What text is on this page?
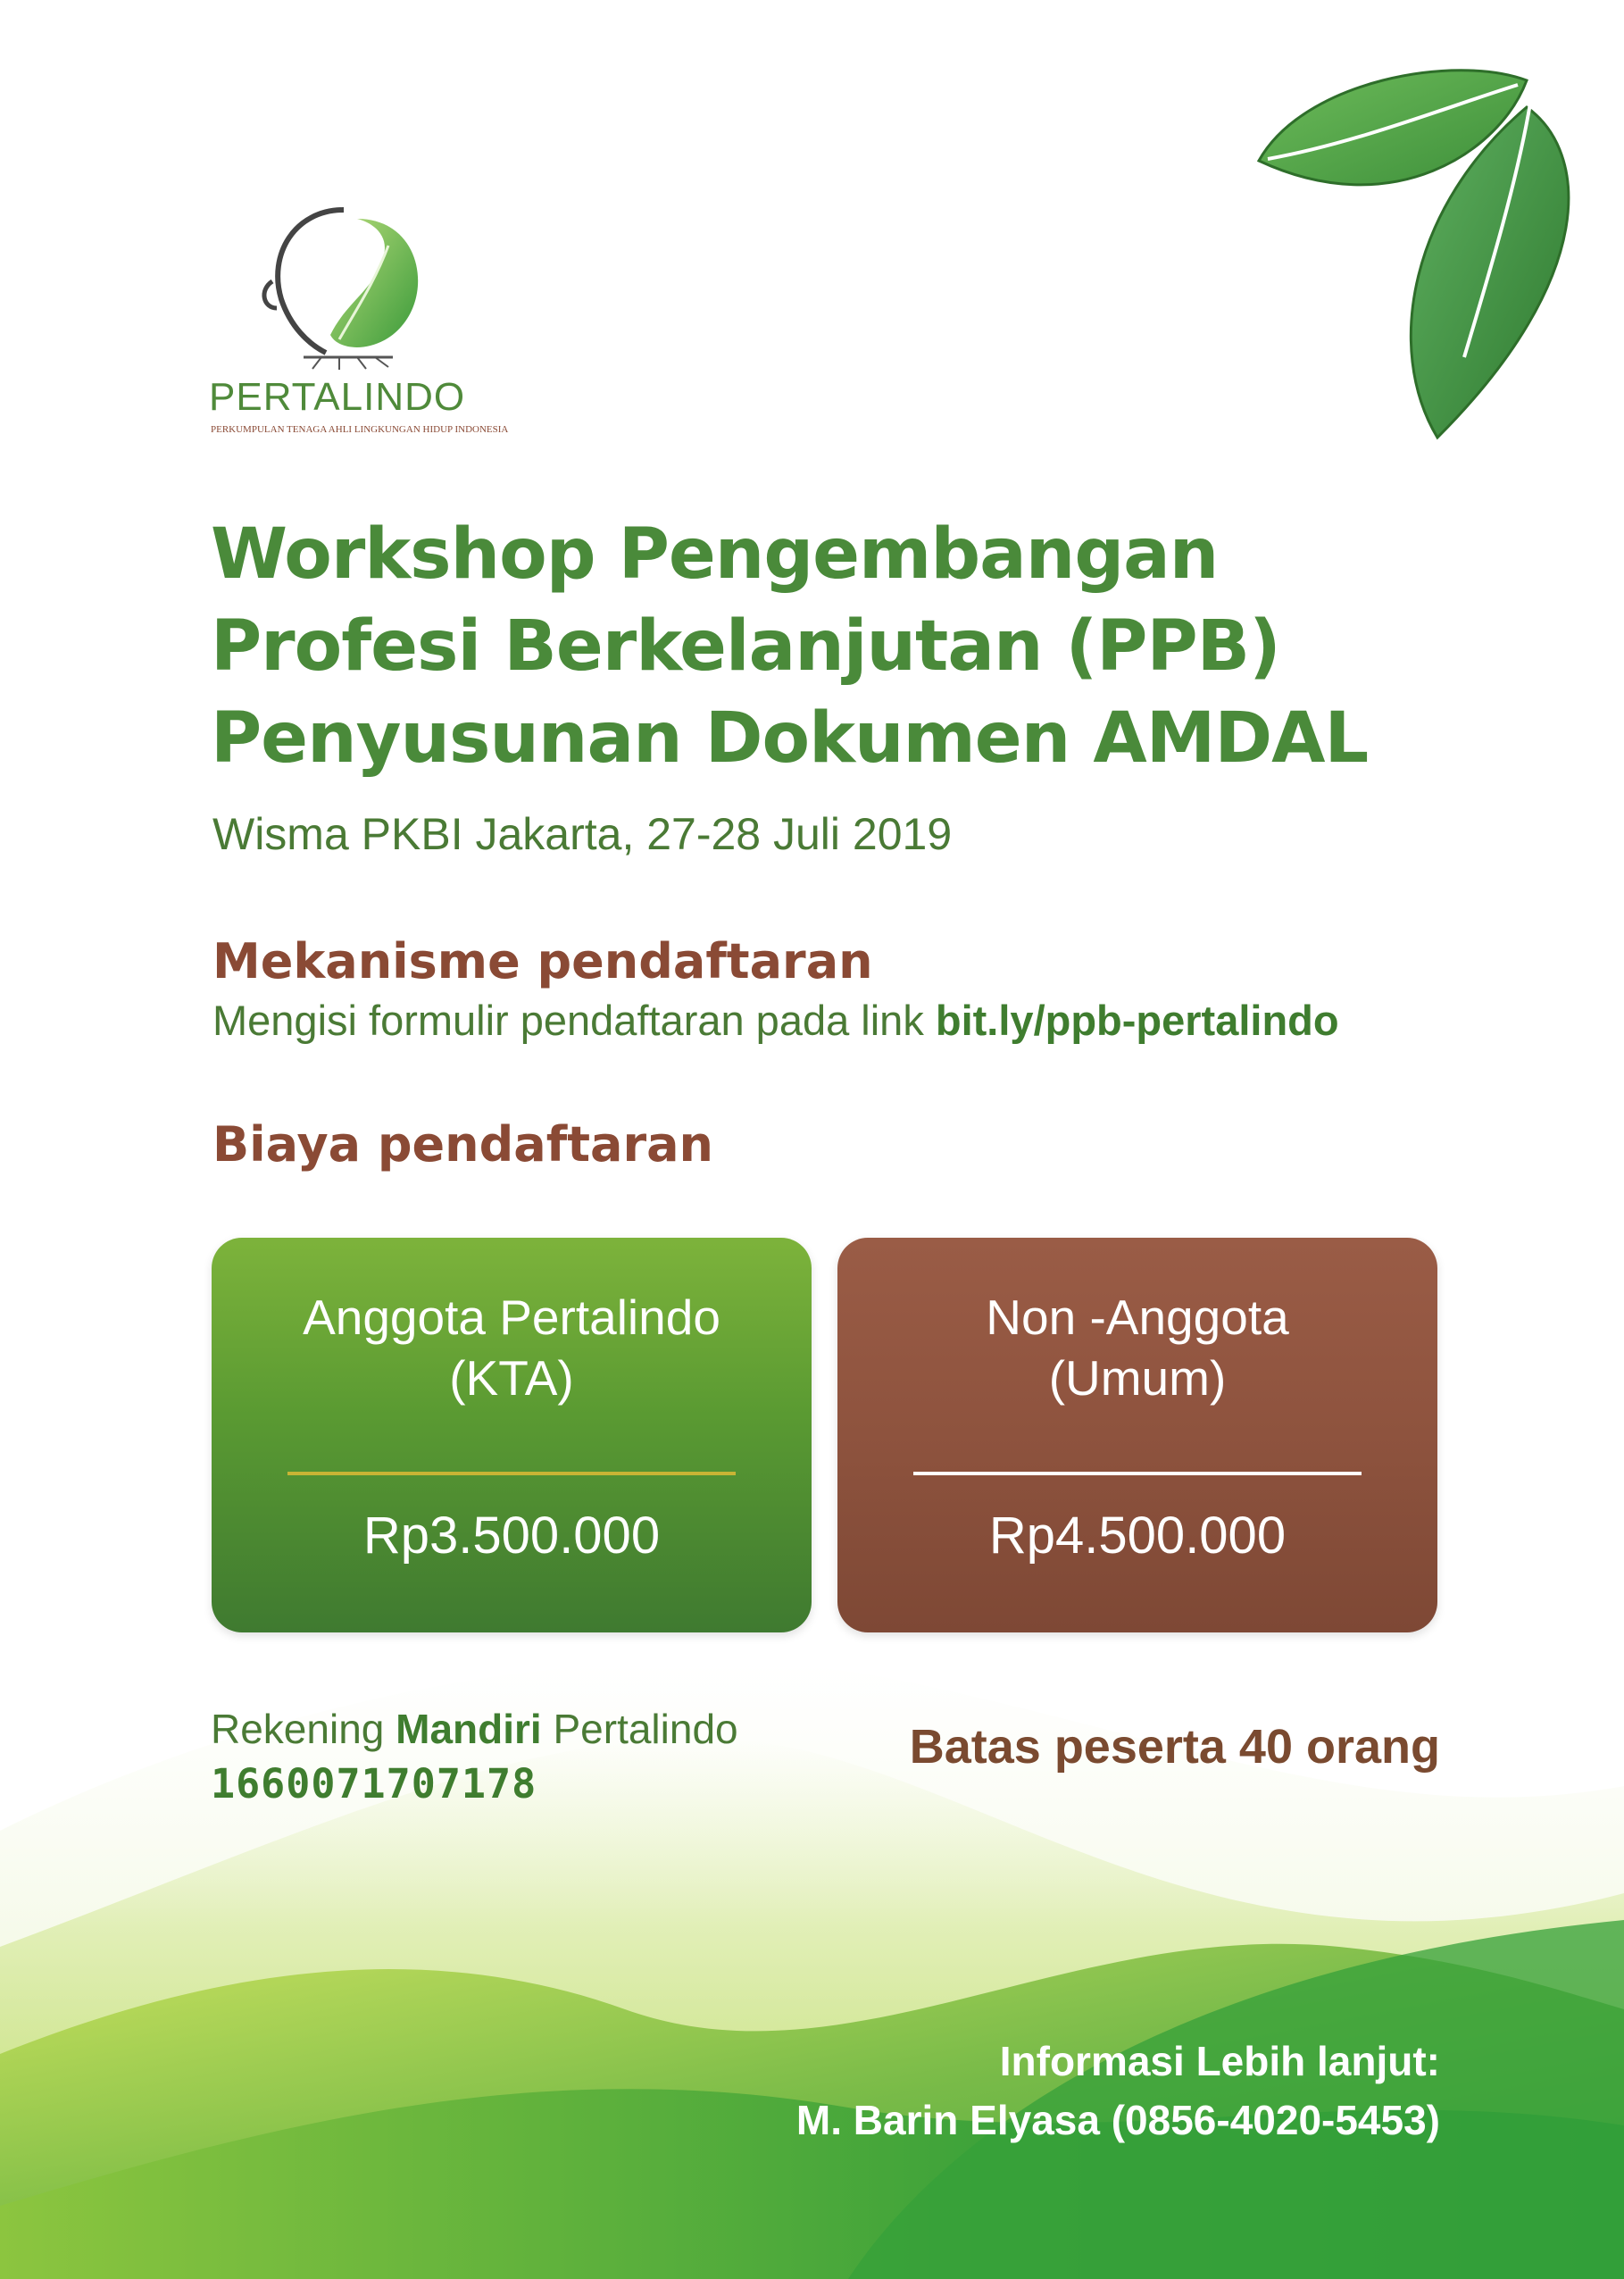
PERTALINDO
PERKUMPULAN TENAGA AHLI LINGKUNGAN HIDUP INDONESIA
Workshop Pengembangan
Profesi Berkelanjutan (PPB)
Penyusunan Dokumen AMDAL
Wisma PKBI Jakarta, 27-28 Juli 2019
Mekanisme pendaftaran
Mengisi formulir pendaftaran pada link bit.ly/ppb-pertalindo
Biaya pendaftaran
Anggota Pertalindo
(KTA)
Rp3.500.000
Non -Anggota
(Umum)
Rp4.500.000
Rekening Mandiri Pertalindo
1660071707178
Batas peserta 40 orang
Informasi Lebih lanjut:
M. Barin Elyasa (0856-4020-5453)
